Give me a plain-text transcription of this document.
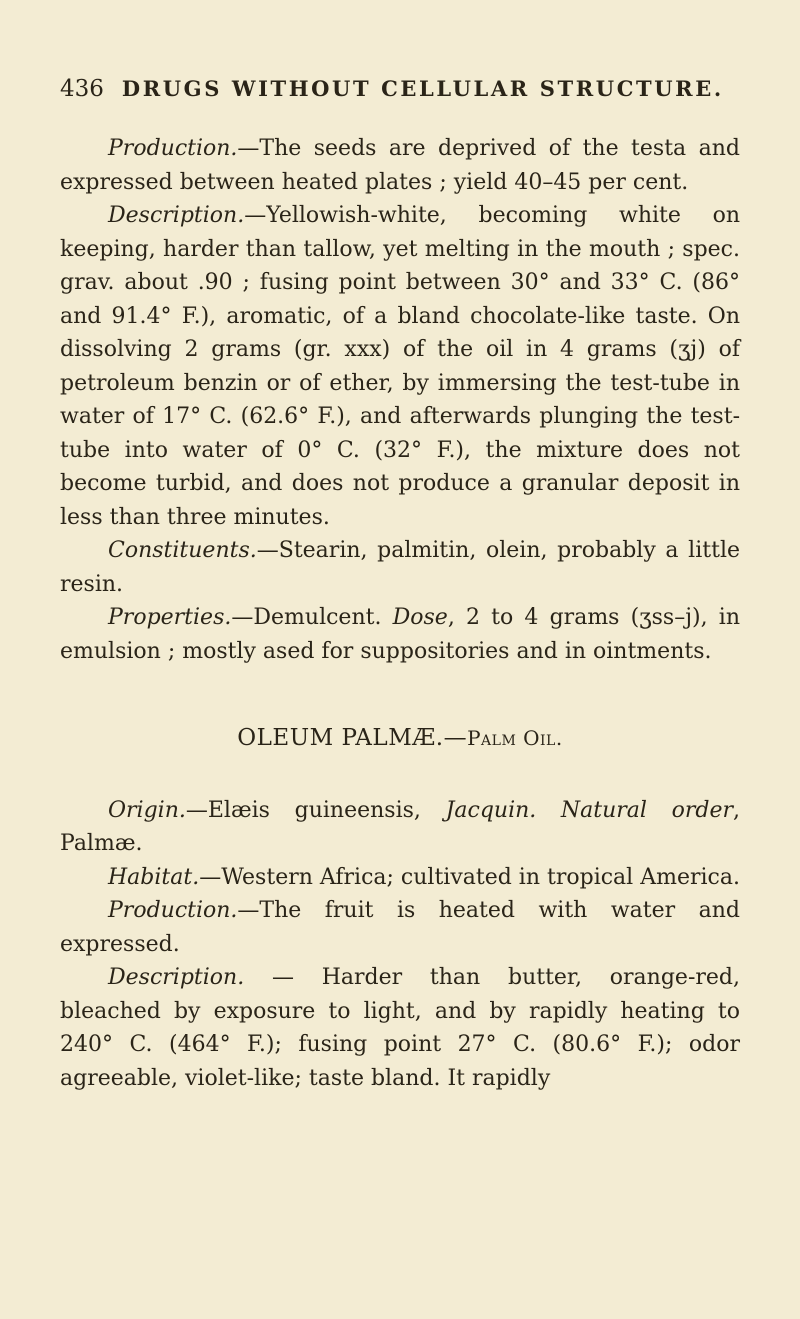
436 DRUGS WITHOUT CELLULAR STRUCTURE.

Production.—The seeds are deprived of the testa and expressed between heated plates ; yield 40–45 per cent.

Description.—Yellowish-white, becoming white on keeping, harder than tallow, yet melting in the mouth ; spec. grav. about .90 ; fusing point between 30° and 33° C. (86° and 91.4° F.), aromatic, of a bland chocolate-like taste. On dissolving 2 grams (gr. xxx) of the oil in 4 grams (ʒj) of petroleum benzin or of ether, by immersing the test-tube in water of 17° C. (62.6° F.), and afterwards plunging the test-tube into water of 0° C. (32° F.), the mixture does not become turbid, and does not produce a granular deposit in less than three minutes.

Constituents.—Stearin, palmitin, olein, probably a little resin.

Properties.—Demulcent. Dose, 2 to 4 grams (ʒss–j), in emulsion ; mostly ased for suppositories and in ointments.

OLEUM PALMÆ.—Palm Oil.

Origin.—Elæis guineensis, Jacquin. Natural order, Palmæ.

Habitat.—Western Africa; cultivated in tropical America.

Production.—The fruit is heated with water and expressed.

Description. — Harder than butter, orange-red, bleached by exposure to light, and by rapidly heating to 240° C. (464° F.); fusing point 27° C. (80.6° F.); odor agreeable, violet-like; taste bland. It rapidly
